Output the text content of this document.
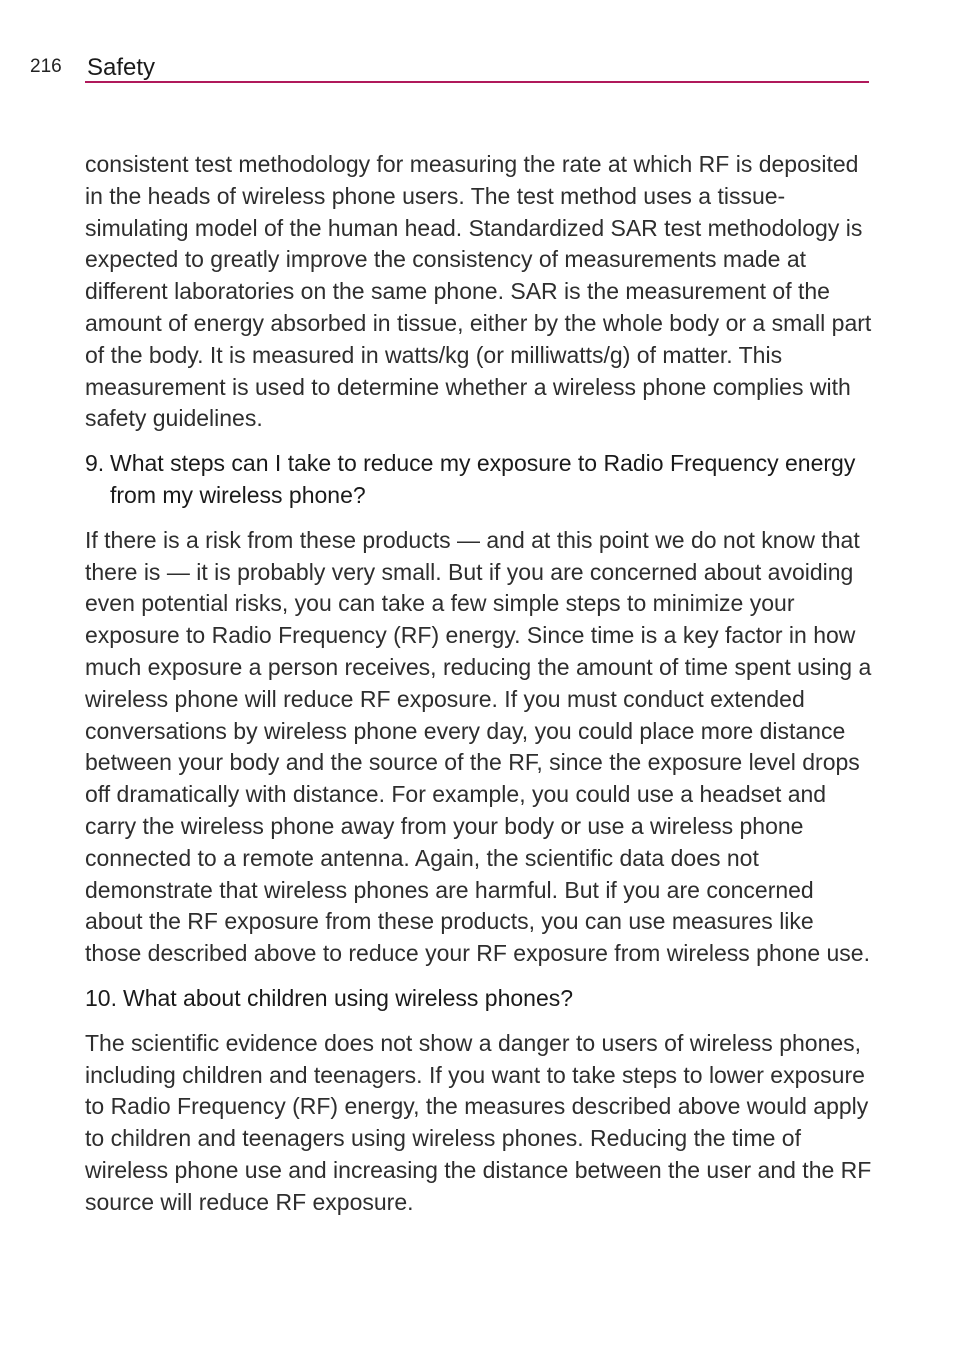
216 Safety

consistent test methodology for measuring the rate at which RF is deposited in the heads of wireless phone users. The test method uses a tissue-simulating model of the human head. Standardized SAR test methodology is expected to greatly improve the consistency of measurements made at different laboratories on the same phone. SAR is the measurement of the amount of energy absorbed in tissue, either by the whole body or a small part of the body. It is measured in watts/kg (or milliwatts/g) of matter. This measurement is used to determine whether a wireless phone complies with safety guidelines.

9. What steps can I take to reduce my exposure to Radio Frequency energy from my wireless phone?

If there is a risk from these products — and at this point we do not know that there is — it is probably very small. But if you are concerned about avoiding even potential risks, you can take a few simple steps to minimize your exposure to Radio Frequency (RF) energy. Since time is a key factor in how much exposure a person receives, reducing the amount of time spent using a wireless phone will reduce RF exposure. If you must conduct extended conversations by wireless phone every day, you could place more distance between your body and the source of the RF, since the exposure level drops off dramatically with distance. For example, you could use a headset and carry the wireless phone away from your body or use a wireless phone connected to a remote antenna. Again, the scientific data does not demonstrate that wireless phones are harmful. But if you are concerned about the RF exposure from these products, you can use measures like those described above to reduce your RF exposure from wireless phone use.

10. What about children using wireless phones?

The scientific evidence does not show a danger to users of wireless phones, including children and teenagers. If you want to take steps to lower exposure to Radio Frequency (RF) energy, the measures described above would apply to children and teenagers using wireless phones. Reducing the time of wireless phone use and increasing the distance between the user and the RF source will reduce RF exposure.
